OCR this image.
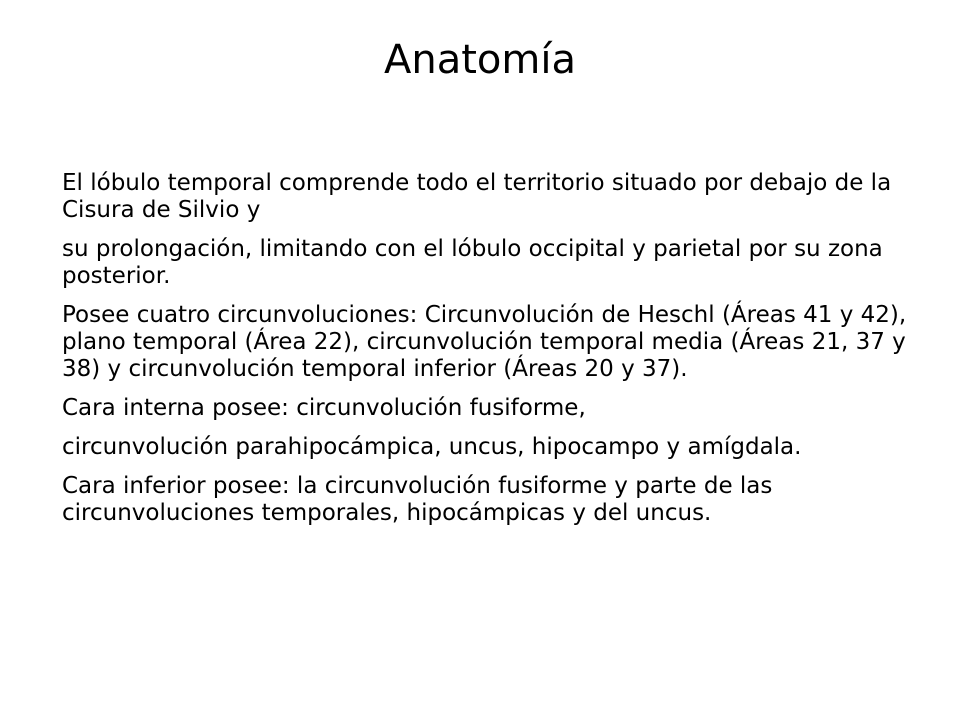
Anatomía

El lóbulo temporal comprende todo el territorio situado por debajo de la Cisura de Silvio y

su prolongación, limitando con el lóbulo occipital y parietal por su zona posterior.

Posee cuatro circunvoluciones: Circunvolución de Heschl (Áreas 41 y 42), plano temporal (Área 22), circunvolución temporal media (Áreas 21, 37 y 38) y circunvolución temporal inferior (Áreas 20 y 37).

Cara interna posee: circunvolución fusiforme,

circunvolución parahipocámpica, uncus, hipocampo y amígdala.

Cara inferior posee: la circunvolución fusiforme y parte de las circunvoluciones temporales, hipocámpicas y del uncus.
